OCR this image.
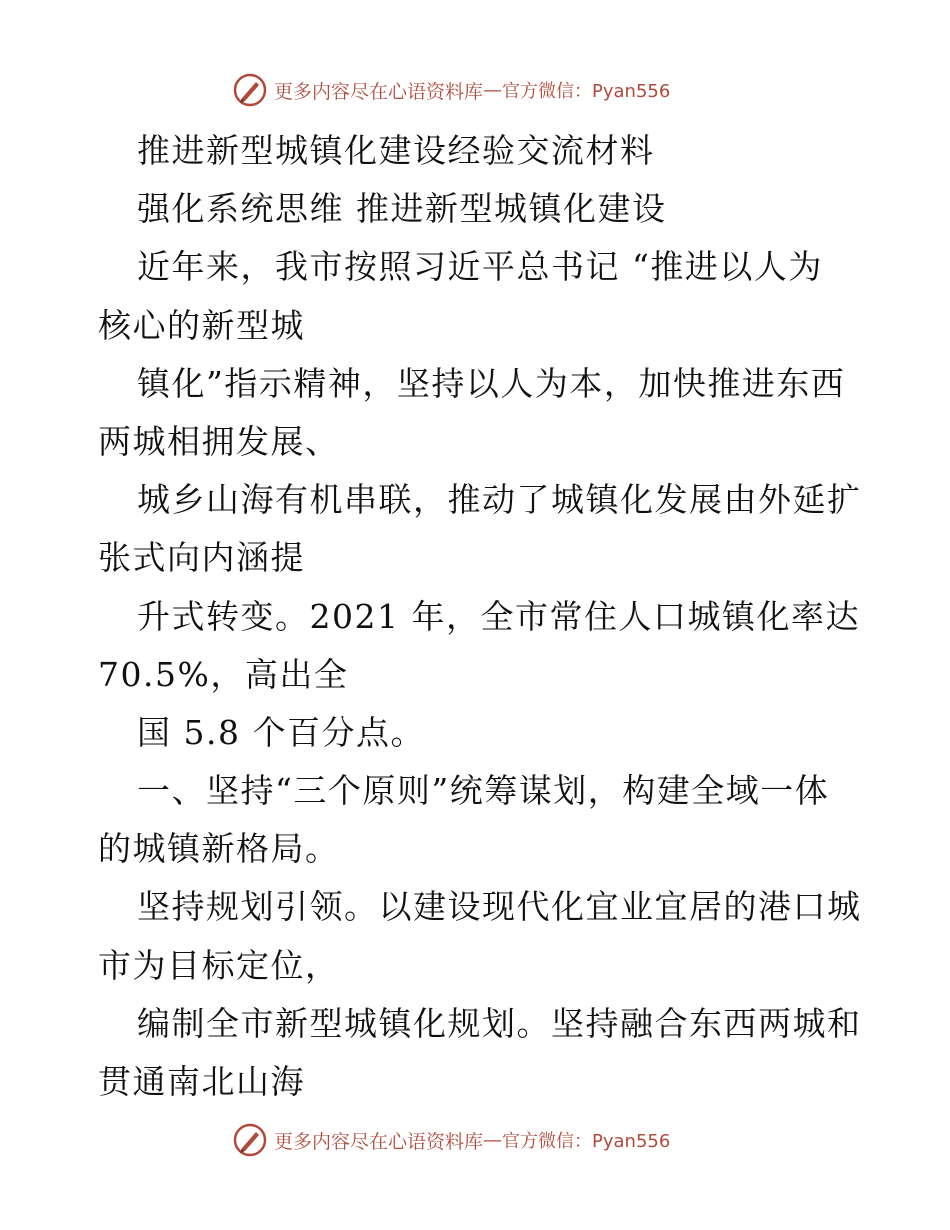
更多内容尽在心语资料库 — 官方微信：Pyan556
推进新型城镇化建设经验交流材料
强化系统思维 推进新型城镇化建设
近年来，我市按照习近平总书记 “推进以人为
核心的新型城
镇化”指示精神，坚持以人为本，加快推进东西
两城相拥发展、
城乡山海有机串联，推动了城镇化发展由外延扩
张式向内涵提
升式转变。2021 年，全市常住人口城镇化率达
70.5%，高出全
国 5.8 个百分点。
一、坚持“三个原则”统筹谋划，构建全域一体
的城镇新格局。
坚持规划引领。以建设现代化宜业宜居的港口城
市为目标定位，
编制全市新型城镇化规划。坚持融合东西两城和
贯通南北山海
更多内容尽在心语资料库 — 官方微信：Pyan556
